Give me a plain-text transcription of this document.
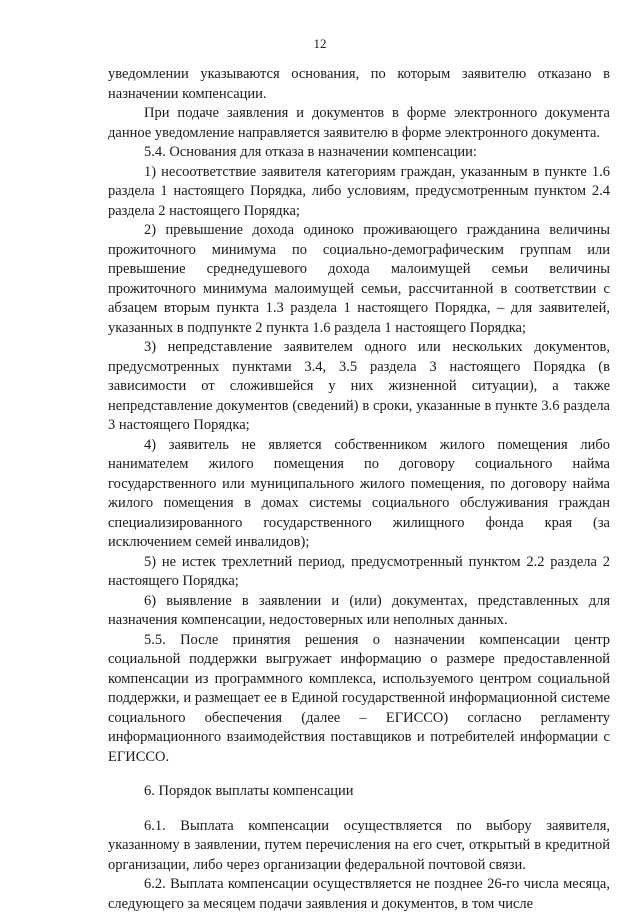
12

уведомлении указываются основания, по которым заявителю отказано в назначении компенсации.

При подаче заявления и документов в форме электронного документа данное уведомление направляется заявителю в форме электронного документа.

5.4. Основания для отказа в назначении компенсации:

1) несоответствие заявителя категориям граждан, указанным в пункте 1.6 раздела 1 настоящего Порядка, либо условиям, предусмотренным пунктом 2.4 раздела 2 настоящего Порядка;

2) превышение дохода одиноко проживающего гражданина величины прожиточного минимума по социально-демографическим группам или превышение среднедушевого дохода малоимущей семьи величины прожиточного минимума малоимущей семьи, рассчитанной в соответствии с абзацем вторым пункта 1.3 раздела 1 настоящего Порядка, – для заявителей, указанных в подпункте 2 пункта 1.6 раздела 1 настоящего Порядка;

3) непредставление заявителем одного или нескольких документов, предусмотренных пунктами 3.4, 3.5 раздела 3 настоящего Порядка (в зависимости от сложившейся у них жизненной ситуации), а также непредставление документов (сведений) в сроки, указанные в пункте 3.6 раздела 3 настоящего Порядка;

4) заявитель не является собственником жилого помещения либо нанимателем жилого помещения по договору социального найма государственного или муниципального жилого помещения, по договору найма жилого помещения в домах системы социального обслуживания граждан специализированного государственного жилищного фонда края (за исключением семей инвалидов);

5) не истек трехлетний период, предусмотренный пунктом 2.2 раздела 2 настоящего Порядка;

6) выявление в заявлении и (или) документах, представленных для назначения компенсации, недостоверных или неполных данных.

5.5. После принятия решения о назначении компенсации центр социальной поддержки выгружает информацию о размере предоставленной компенсации из программного комплекса, используемого центром социальной поддержки, и размещает ее в Единой государственной информационной системе социального обеспечения (далее – ЕГИССО) согласно регламенту информационного взаимодействия поставщиков и потребителей информации с ЕГИССО.

6. Порядок выплаты компенсации

6.1. Выплата компенсации осуществляется по выбору заявителя, указанному в заявлении, путем перечисления на его счет, открытый в кредитной организации, либо через организации федеральной почтовой связи.

6.2. Выплата компенсации осуществляется не позднее 26-го числа месяца, следующего за месяцем подачи заявления и документов, в том числе
